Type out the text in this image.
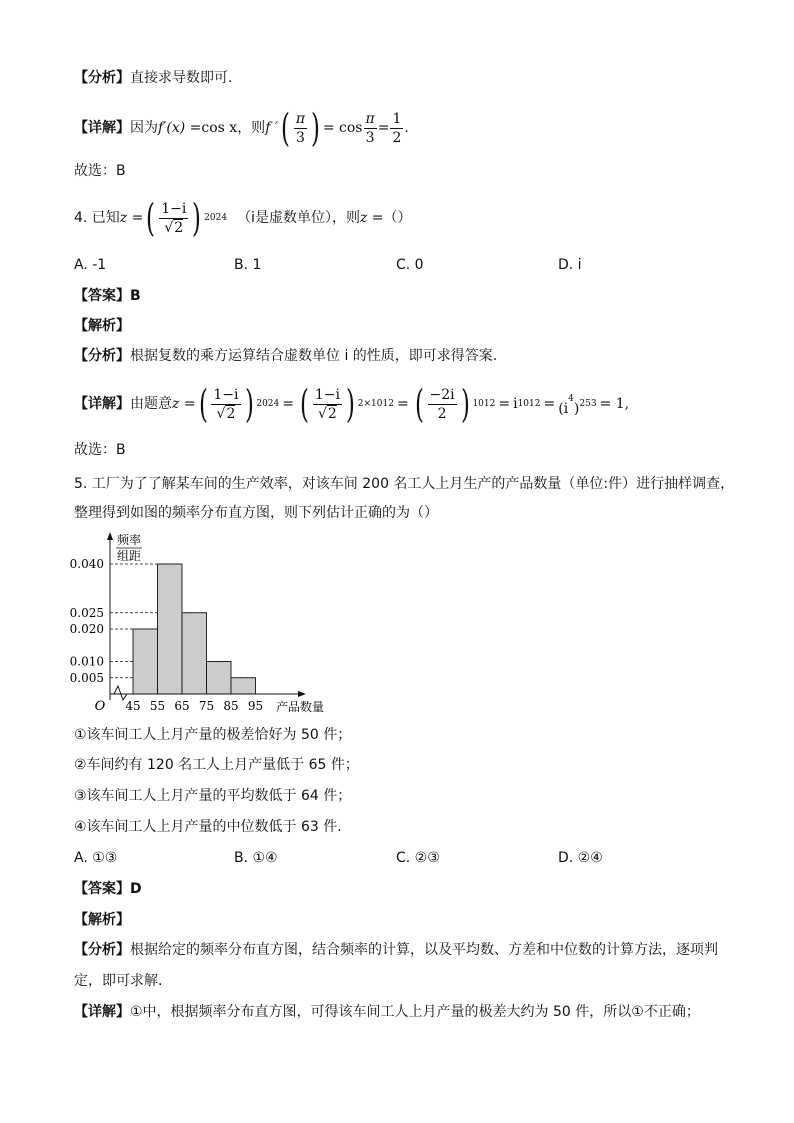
【分析】直接求导数即可.
【详解】 因为 f′(x) = cos x ，则 f ′ ( $\frac{\pi}{3}$ ) = $\cos \frac{\pi}{3} = \frac{1}{2}$ .
故选：B
4. 已知 z = ( $\frac{1-i}{√2}$ ) 2024 （i是虚数单位），则 z = （）
A. -1	B. 1	C. 0	D. i
【答案】B
【解析】
【分析】根据复数的乘方运算结合虚数单位 i 的性质，即可求得答案.
【详解】 由题意 z = ( $\frac{1-i}{√2}$ ) 2024 = ( $\frac{1-i}{√2}$ ) 2×1012 = ( $\frac{-2i}{2}$ ) 1012 = i $1012 = (i^4) 253 = 1$,
故选：B
5. 工厂为了了解某车间的生产效率，对该车间 200 名工人上月生产的产品数量（单位:件）进行抽样调查，
整理得到如图的频率分布直方图，则下列估计正确的为（）
0.005
0.010
0.020
0.025
0.040
45 55 65 75 85 95
频率
组距
O	产品数量
①该车间工人上月产量的极差恰好为 50 件；
②车间约有 120 名工人上月产量低于 65 件；
③该车间工人上月产量的平均数低于 64 件；
④该车间工人上月产量的中位数低于 63 件.
A. ①③	B. ①④	C. ②③	D. ②④
【答案】D
【解析】
【分析】根据给定的频率分布直方图，结合频率的计算，以及平均数、方差和中位数的计算方法，逐项判
定，即可求解.
【详解】①中，根据频率分布直方图，可得该车间工人上月产量的极差大约为 50 件，所以①不正确；
